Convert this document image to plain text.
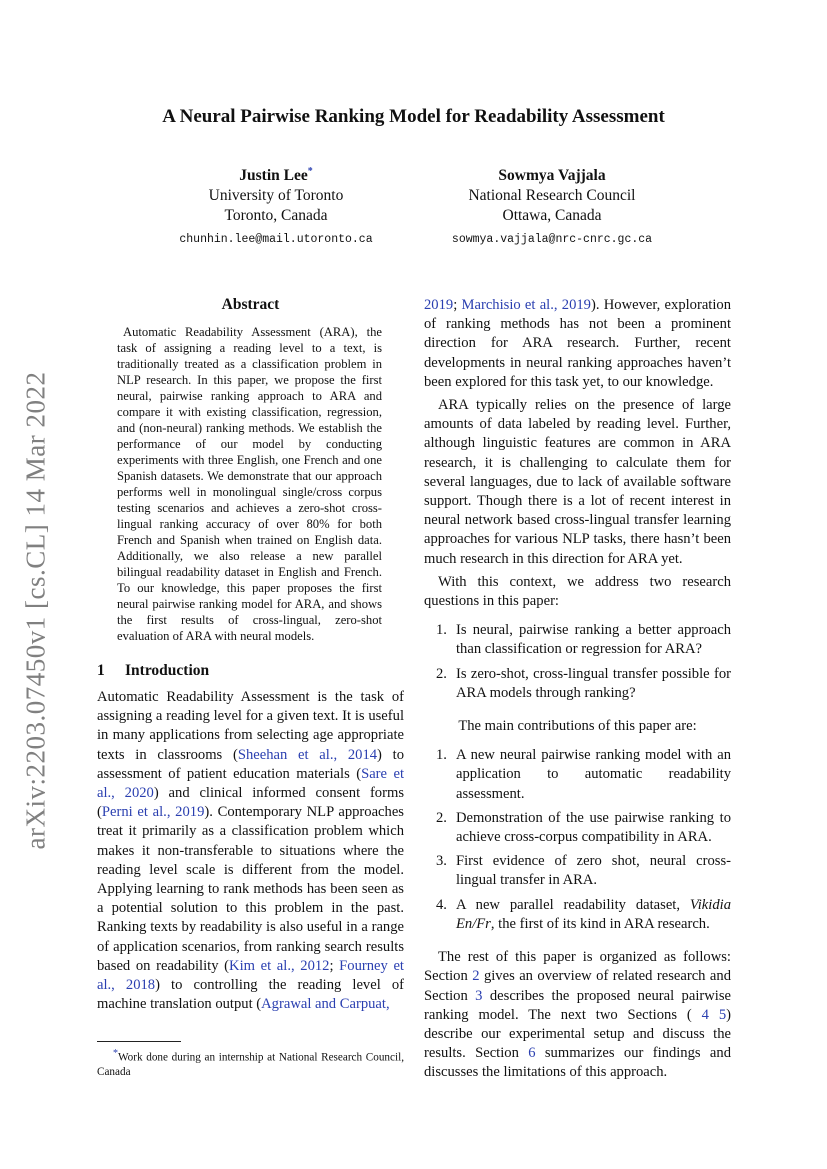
arXiv:2203.07450v1 [cs.CL] 14 Mar 2022
A Neural Pairwise Ranking Model for Readability Assessment
Justin Lee*
University of Toronto
Toronto, Canada
chunhin.lee@mail.utoronto.ca
Sowmya Vajjala
National Research Council
Ottawa, Canada
sowmya.vajjala@nrc-cnrc.gc.ca
Abstract

Automatic Readability Assessment (ARA), the task of assigning a reading level to a text, is traditionally treated as a classification problem in NLP research. In this paper, we propose the first neural, pairwise ranking approach to ARA and compare it with existing classification, regression, and (non-neural) ranking methods. We establish the performance of our model by conducting experiments with three English, one French and one Spanish datasets. We demonstrate that our approach performs well in monolingual single/cross corpus testing scenarios and achieves a zero-shot cross-lingual ranking accuracy of over 80% for both French and Spanish when trained on English data. Additionally, we also release a new parallel bilingual readability dataset in English and French. To our knowledge, this paper proposes the first neural pairwise ranking model for ARA, and shows the first results of cross-lingual, zero-shot evaluation of ARA with neural models.

1 Introduction

Automatic Readability Assessment is the task of assigning a reading level for a given text. It is useful in many applications from selecting age appropriate texts in classrooms (Sheehan et al., 2014) to assessment of patient education materials (Sare et al., 2020) and clinical informed consent forms (Perni et al., 2019). Contemporary NLP approaches treat it primarily as a classification problem which makes it non-transferable to situations where the reading level scale is different from the model. Applying learning to rank methods has been seen as a potential solution to this problem in the past. Ranking texts by readability is also useful in a range of application scenarios, from ranking search results based on readability (Kim et al., 2012; Fourney et al., 2018) to controlling the reading level of machine translation output (Agrawal and Carpuat,

2019; Marchisio et al., 2019). However, exploration of ranking methods has not been a prominent direction for ARA research. Further, recent developments in neural ranking approaches haven’t been explored for this task yet, to our knowledge.

ARA typically relies on the presence of large amounts of data labeled by reading level. Further, although linguistic features are common in ARA research, it is challenging to calculate them for several languages, due to lack of available software support. Though there is a lot of recent interest in neural network based cross-lingual transfer learning approaches for various NLP tasks, there hasn’t been much research in this direction for ARA yet.

With this context, we address two research questions in this paper:

1. Is neural, pairwise ranking a better approach than classification or regression for ARA?
2. Is zero-shot, cross-lingual transfer possible for ARA models through ranking?
The main contributions of this paper are:
1. A new neural pairwise ranking model with an application to automatic readability assessment.
2. Demonstration of the use pairwise ranking to achieve cross-corpus compatibility in ARA.
3. First evidence of zero shot, neural cross-lingual transfer in ARA.
4. A new parallel readability dataset, Vikidia En/Fr, the first of its kind in ARA research.

The rest of this paper is organized as follows: Section 2 gives an overview of related research and Section 3 describes the proposed neural pairwise ranking model. The next two Sections ( 4 5) describe our experimental setup and discuss the results. Section 6 summarizes our findings and discusses the limitations of this approach.

*Work done during an internship at National Research Council, Canada
